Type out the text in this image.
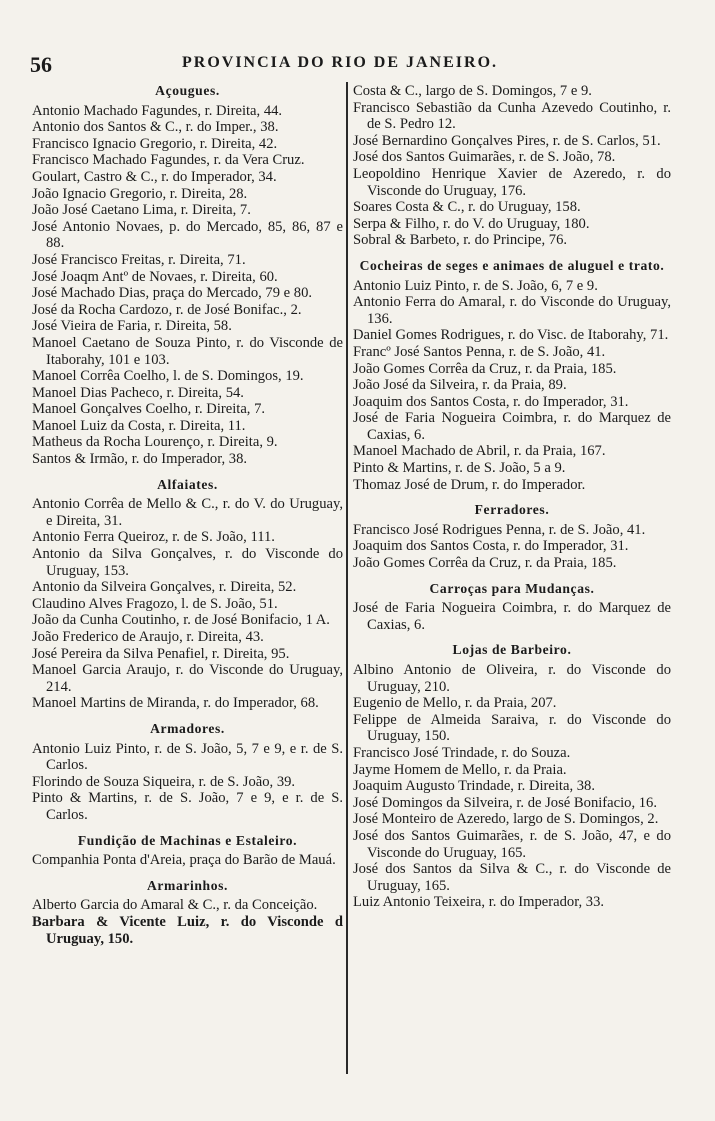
56	PROVINCIA DO RIO DE JANEIRO.
Açougues.

Antonio Machado Fagundes, r. Direita, 44.

Antonio dos Santos & C., r. do Imper., 38.

Francisco Ignacio Gregorio, r. Direita, 42.

Francisco Machado Fagundes, r. da Vera Cruz.

Goulart, Castro & C., r. do Imperador, 34.

João Ignacio Gregorio, r. Direita, 28.

João José Caetano Lima, r. Direita, 7.

José Antonio Novaes, p. do Mercado, 85, 86, 87 e 88.

José Francisco Freitas, r. Direita, 71.

José Joaqm Antº de Novaes, r. Direita, 60.

José Machado Dias, praça do Mercado, 79 e 80.

José da Rocha Cardozo, r. de José Bonifac., 2.

José Vieira de Faria, r. Direita, 58.

Manoel Caetano de Souza Pinto, r. do Visconde de Itaborahy, 101 e 103.

Manoel Corrêa Coelho, l. de S. Domingos, 19.

Manoel Dias Pacheco, r. Direita, 54.

Manoel Gonçalves Coelho, r. Direita, 7.

Manoel Luiz da Costa, r. Direita, 11.

Matheus da Rocha Lourenço, r. Direita, 9.

Santos & Irmão, r. do Imperador, 38.

Alfaiates.

Antonio Corrêa de Mello & C., r. do V. do Uruguay, e Direita, 31.

Antonio Ferra Queiroz, r. de S. João, 111.

Antonio da Silva Gonçalves, r. do Visconde do Uruguay, 153.

Antonio da Silveira Gonçalves, r. Direita, 52.

Claudino Alves Fragozo, l. de S. João, 51.

João da Cunha Coutinho, r. de José Bonifacio, 1 A.

João Frederico de Araujo, r. Direita, 43.

José Pereira da Silva Penafiel, r. Direita, 95.

Manoel Garcia Araujo, r. do Visconde do Uruguay, 214.

Manoel Martins de Miranda, r. do Imperador, 68.

Armadores.

Antonio Luiz Pinto, r. de S. João, 5, 7 e 9, e r. de S. Carlos.

Florindo de Souza Siqueira, r. de S. João, 39.

Pinto & Martins, r. de S. João, 7 e 9, e r. de S. Carlos.

Fundição de Machinas e Estaleiro.

Companhia Ponta d'Areia, praça do Barão de Mauá.

Armarinhos.

Alberto Garcia do Amaral & C., r. da Conceição.

Barbara & Vicente Luiz, r. do Visconde d Uruguay, 150.

Costa & C., largo de S. Domingos, 7 e 9.

Francisco Sebastião da Cunha Azevedo Coutinho, r. de S. Pedro 12.

José Bernardino Gonçalves Pires, r. de S. Carlos, 51.

José dos Santos Guimarães, r. de S. João, 78.

Leopoldino Henrique Xavier de Azeredo, r. do Visconde do Uruguay, 176.

Soares Costa & C., r. do Uruguay, 158.

Serpa & Filho, r. do V. do Uruguay, 180.

Sobral & Barbeto, r. do Principe, 76.

Cocheiras de seges e animaes de aluguel e trato.

Antonio Luiz Pinto, r. de S. João, 6, 7 e 9.

Antonio Ferra do Amaral, r. do Visconde do Uruguay, 136.

Daniel Gomes Rodrigues, r. do Visc. de Itaborahy, 71.

Francº José Santos Penna, r. de S. João, 41.

João Gomes Corrêa da Cruz, r. da Praia, 185.

João José da Silveira, r. da Praia, 89.

Joaquim dos Santos Costa, r. do Imperador, 31.

José de Faria Nogueira Coimbra, r. do Marquez de Caxias, 6.

Manoel Machado de Abril, r. da Praia, 167.

Pinto & Martins, r. de S. João, 5 a 9.

Thomaz José de Drum, r. do Imperador.

Ferradores.

Francisco José Rodrigues Penna, r. de S. João, 41.

Joaquim dos Santos Costa, r. do Imperador, 31.

João Gomes Corrêa da Cruz, r. da Praia, 185.

Carroças para Mudanças.

José de Faria Nogueira Coimbra, r. do Marquez de Caxias, 6.

Lojas de Barbeiro.

Albino Antonio de Oliveira, r. do Visconde do Uruguay, 210.

Eugenio de Mello, r. da Praia, 207.

Felippe de Almeida Saraiva, r. do Visconde do Uruguay, 150.

Francisco José Trindade, r. do Souza.

Jayme Homem de Mello, r. da Praia.

Joaquim Augusto Trindade, r. Direita, 38.

José Domingos da Silveira, r. de José Bonifacio, 16.

José Monteiro de Azeredo, largo de S. Domingos, 2.

José dos Santos Guimarães, r. de S. João, 47, e do Visconde do Uruguay, 165.

José dos Santos da Silva & C., r. do Visconde de Uruguay, 165.

Luiz Antonio Teixeira, r. do Imperador, 33.
